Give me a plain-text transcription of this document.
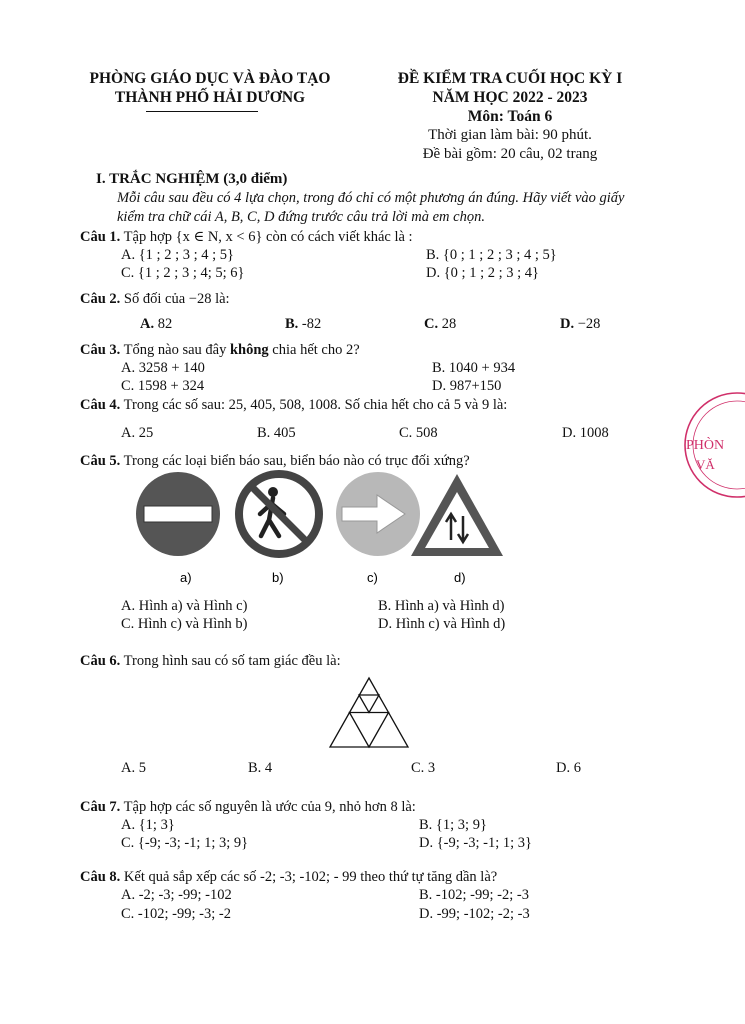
PHÒNG GIÁO DỤC VÀ ĐÀO TẠO
THÀNH PHỐ HẢI DƯƠNG
ĐỀ KIỂM TRA CUỐI HỌC KỲ I
NĂM HỌC 2022 - 2023
Môn: Toán 6
Thời gian làm bài: 90 phút.
Đề bài gồm: 20 câu, 02 trang
I. TRẮC NGHIỆM (3,0 điểm)
Mỗi câu sau đều có 4 lựa chọn, trong đó chỉ có một phương án đúng. Hãy viết vào giấy
kiểm tra chữ cái A, B, C, D đứng trước câu trả lời mà em chọn.
PHÒN
VĂ
Câu 1. Tập hợp {x ∈ N, x < 6} còn có cách viết khác là :
A. {1 ; 2 ; 3 ; 4 ; 5}	B. {0 ; 1 ; 2 ; 3 ; 4 ; 5}
C. {1 ; 2 ; 3 ; 4; 5; 6}	D. {0 ; 1 ; 2 ; 3 ; 4}
Câu 2. Số đối của −28 là:
A. 82	B. -82	C. 28	D. −28
Câu 3. Tổng nào sau đây không chia hết cho 2?
A. 3258 + 140	B. 1040 + 934
C. 1598 + 324	D. 987+150
Câu 4. Trong các số sau: 25, 405, 508, 1008. Số chia hết cho cả 5 và 9 là:
A. 25	B. 405	C. 508	D. 1008
Câu 5. Trong các loại biển báo sau, biển báo nào có trục đối xứng?
a)	b)	c)	d)
A. Hình a) và Hình c)	B. Hình a) và Hình d)
C. Hình c) và Hình b)	D. Hình c) và Hình d)
Câu 6. Trong hình sau có số tam giác đều là:
A. 5	B. 4	C. 3	D. 6
Câu 7. Tập hợp các số nguyên là ước của 9, nhỏ hơn 8 là:
A. {1; 3}	B. {1; 3; 9}
C. {-9; -3; -1; 1; 3; 9}	D. {-9; -3; -1; 1; 3}
Câu 8. Kết quả sắp xếp các số -2; -3; -102; - 99 theo thứ tự tăng dần là?
A. -2; -3; -99; -102	B. -102; -99; -2; -3
C. -102; -99; -3; -2	D. -99; -102; -2; -3
